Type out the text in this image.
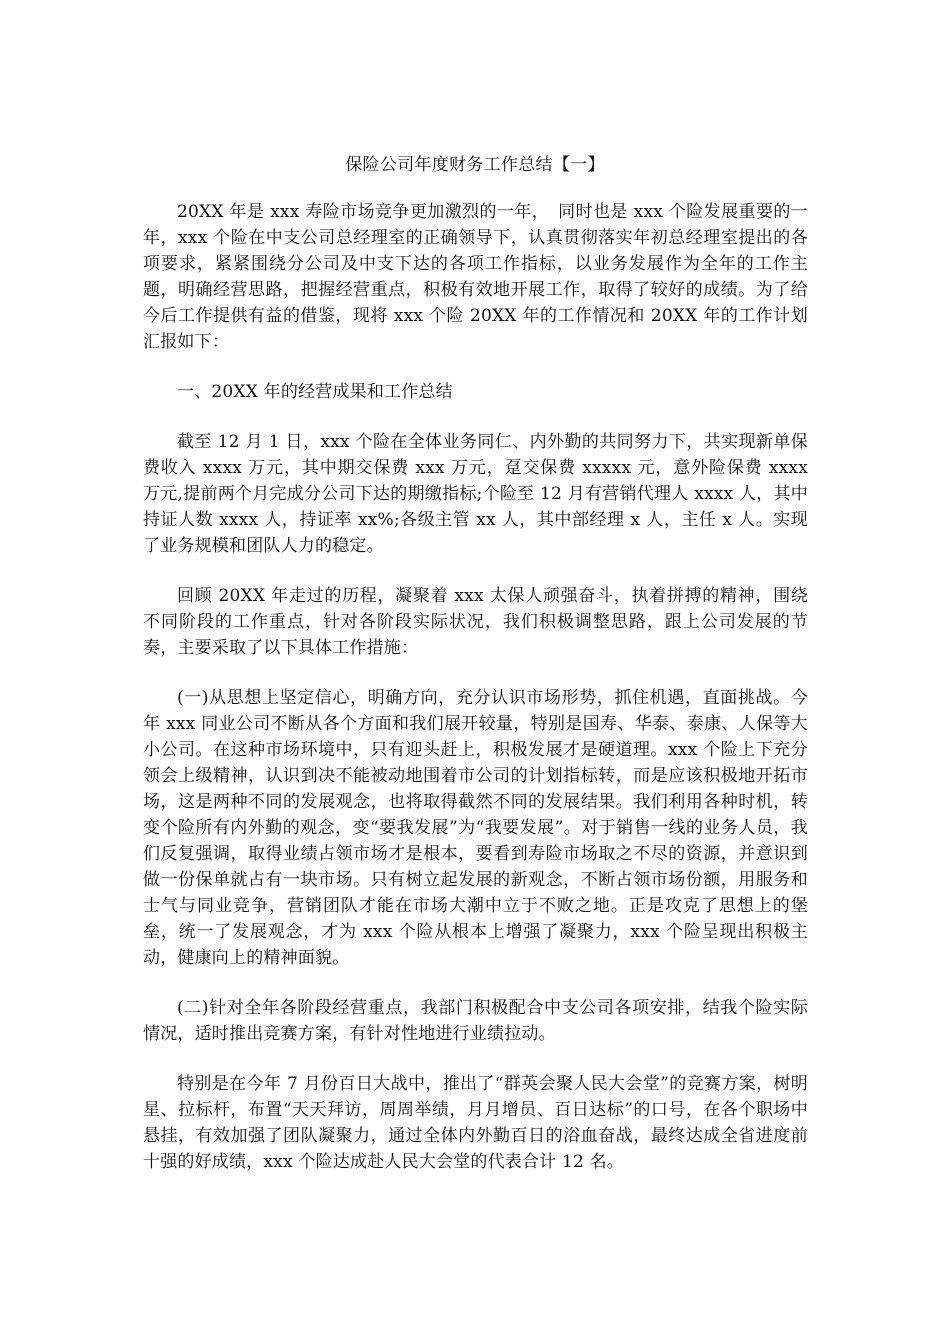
保险公司年度财务工作总结【一】

20XX 年是 xxx 寿险市场竞争更加激烈的一年，　同时也是 xxx 个险发展重要的一年，xxx 个险在中支公司总经理室的正确领导下，认真贯彻落实年初总经理室提出的各项要求，紧紧围绕分公司及中支下达的各项工作指标，以业务发展作为全年的工作主题，明确经营思路，把握经营重点，积极有效地开展工作，取得了较好的成绩。为了给今后工作提供有益的借鉴，现将 xxx 个险 20XX 年的工作情况和 20XX 年的工作计划汇报如下：

一、20XX 年的经营成果和工作总结

截至 12 月 1 日，xxx 个险在全体业务同仁、内外勤的共同努力下，共实现新单保费收入 xxxx 万元，其中期交保费 xxx 万元，趸交保费 xxxxx 元，意外险保费 xxxx 万元,提前两个月完成分公司下达的期缴指标;个险至 12 月有营销代理人 xxxx 人，其中持证人数 xxxx 人，持证率 xx%;各级主管 xx 人，其中部经理 x 人，主任 x 人。实现了业务规模和团队人力的稳定。

回顾 20XX 年走过的历程，凝聚着 xxx 太保人顽强奋斗，执着拼搏的精神，围绕不同阶段的工作重点，针对各阶段实际状况，我们积极调整思路，跟上公司发展的节奏，主要采取了以下具体工作措施：

(一)从思想上坚定信心，明确方向，充分认识市场形势，抓住机遇，直面挑战。今年 xxx 同业公司不断从各个方面和我们展开较量，特别是国寿、华泰、泰康、人保等大小公司。在这种市场环境中，只有迎头赶上，积极发展才是硬道理。xxx 个险上下充分领会上级精神，认识到决不能被动地围着市公司的计划指标转，而是应该积极地开拓市场，这是两种不同的发展观念，也将取得截然不同的发展结果。我们利用各种时机，转变个险所有内外勤的观念，变“要我发展”为“我要发展”。对于销售一线的业务人员，我们反复强调，取得业绩占领市场才是根本，要看到寿险市场取之不尽的资源，并意识到做一份保单就占有一块市场。只有树立起发展的新观念，不断占领市场份额，用服务和士气与同业竞争，营销团队才能在市场大潮中立于不败之地。正是攻克了思想上的堡垒，统一了发展观念，才为 xxx 个险从根本上增强了凝聚力，xxx 个险呈现出积极主动，健康向上的精神面貌。

(二)针对全年各阶段经营重点，我部门积极配合中支公司各项安排，结我个险实际情况，适时推出竞赛方案，有针对性地进行业绩拉动。

特别是在今年 7 月份百日大战中，推出了“群英会聚人民大会堂”的竞赛方案，树明星、拉标杆，布置“天天拜访，周周举绩，月月增员、百日达标”的口号，在各个职场中悬挂，有效加强了团队凝聚力，通过全体内外勤百日的浴血奋战，最终达成全省进度前十强的好成绩，xxx 个险达成赴人民大会堂的代表合计 12 名。
